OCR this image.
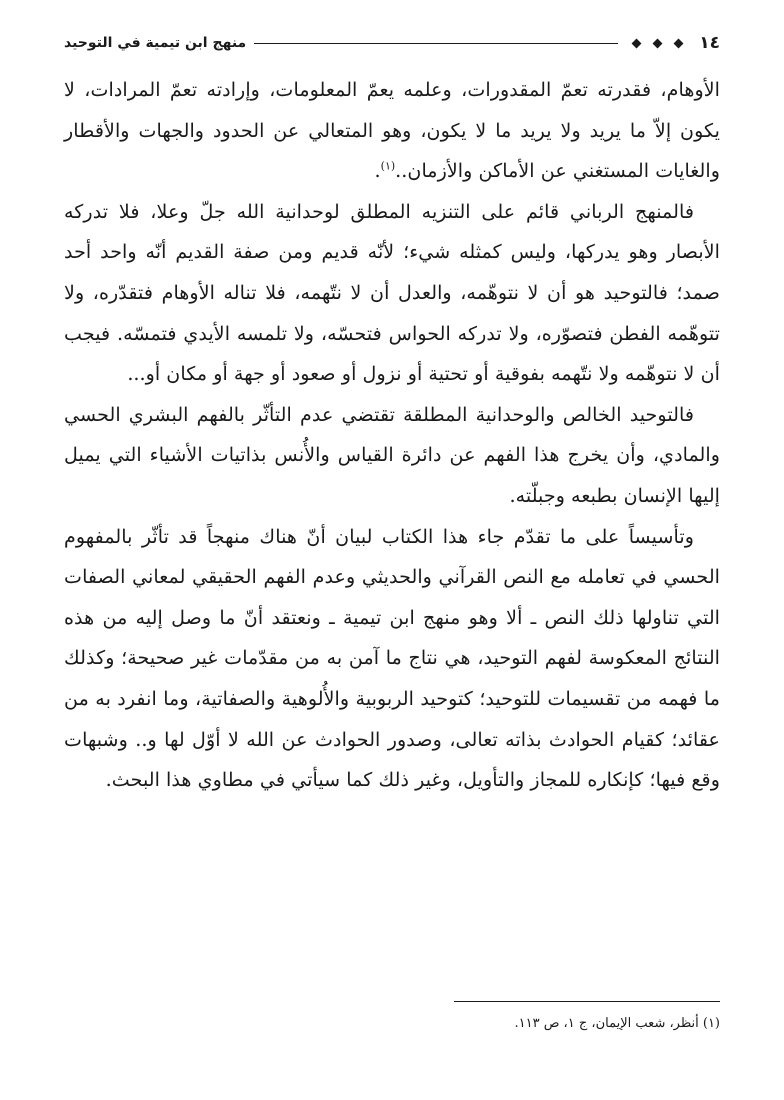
١٤
منهج ابن تيمية في التوحيد

الأوهام، فقدرته تعمّ المقدورات، وعلمه يعمّ المعلومات، وإرادته تعمّ المرادات، لا يكون إلاّ ما يريد ولا يريد ما لا يكون، وهو المتعالي عن الحدود والجهات والأقطار والغايات المستغني عن الأماكن والأزمان..$^{(١)}$.

فالمنهج الرباني قائم على التنزيه المطلق لوحدانية الله جلّ وعلا، فلا تدركه الأبصار وهو يدركها، وليس كمثله شيء؛ لأنّه قديم ومن صفة القديم أنّه واحد أحد صمد؛ فالتوحيد هو أن لا نتوهّمه، والعدل أن لا نتّهمه، فلا تناله الأوهام فتقدّره، ولا تتوهّمه الفطن فتصوّره، ولا تدركه الحواس فتحسّه، ولا تلمسه الأيدي فتمسّه. فيجب أن لا نتوهّمه ولا نتّهمه بفوقية أو تحتية أو نزول أو صعود أو جهة أو مكان أو...

فالتوحيد الخالص والوحدانية المطلقة تقتضي عدم التأثّر بالفهم البشري الحسي والمادي، وأن يخرج هذا الفهم عن دائرة القياس والأُنس بذاتيات الأشياء التي يميل إليها الإنسان بطبعه وجبلّته.

وتأسيساً على ما تقدّم جاء هذا الكتاب لبيان أنّ هناك منهجاً قد تأثّر بالمفهوم الحسي في تعامله مع النص القرآني والحديثي وعدم الفهم الحقيقي لمعاني الصفات التي تناولها ذلك النص ـ ألا وهو منهج ابن تيمية ـ ونعتقد أنّ ما وصل إليه من هذه النتائج المعكوسة لفهم التوحيد، هي نتاج ما آمن به من مقدّمات غير صحيحة؛ وكذلك ما فهمه من تقسيمات للتوحيد؛ كتوحيد الربوبية والأُلوهية والصفاتية، وما انفرد به من عقائد؛ كقيام الحوادث بذاته تعالى، وصدور الحوادث عن الله لا أوّل لها و.. وشبهات وقع فيها؛ كإنكاره للمجاز والتأويل، وغير ذلك كما سيأتي في مطاوي هذا البحث.

(١) أنظر، شعب الإيمان، ج ١، ص ١١٣.
